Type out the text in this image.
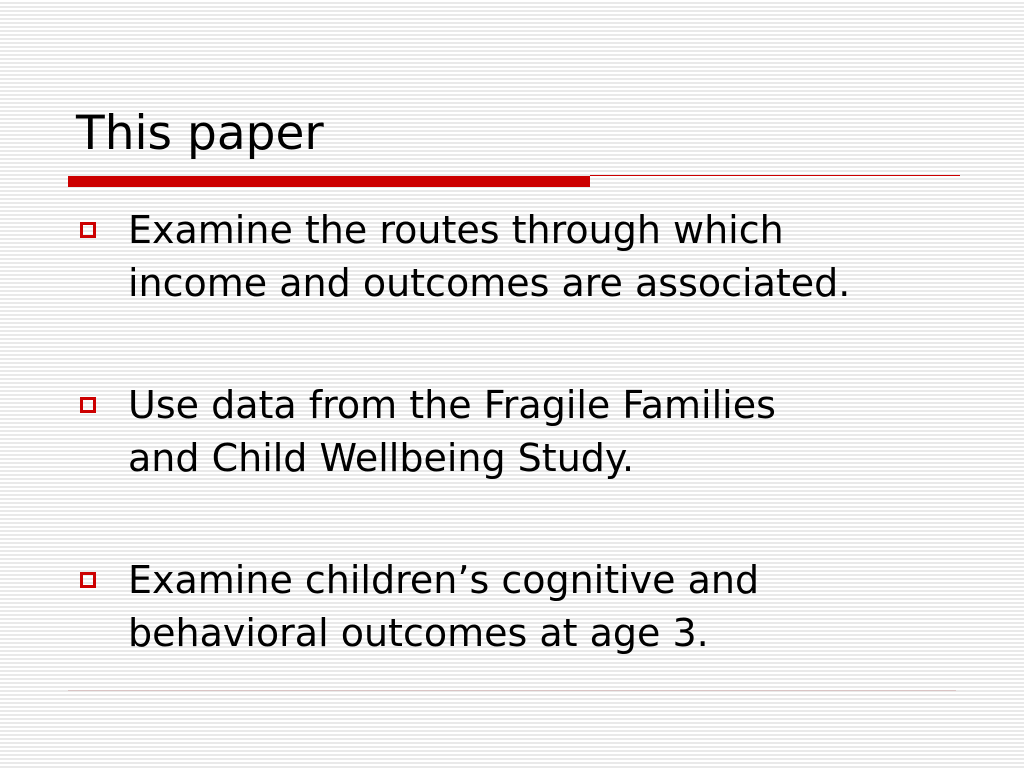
This paper
Examine the routes through which
income and outcomes are associated.
Use data from the Fragile Families
and Child Wellbeing Study.
Examine children’s cognitive and
behavioral outcomes at age 3.
